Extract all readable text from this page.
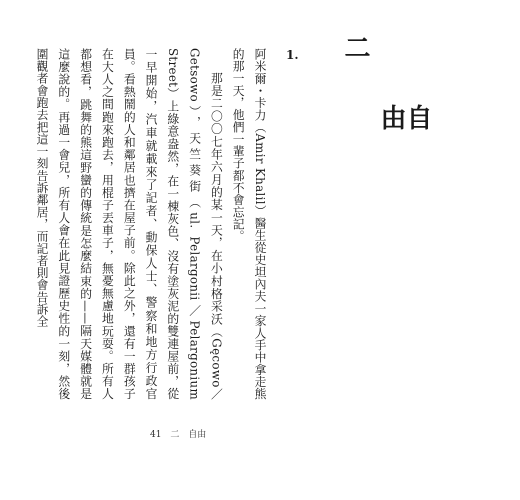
二
自由
1.

阿米爾・卡力（Amir Khalil）醫生從史坦內夫一家人手中拿走熊的那一天，他們一輩子都不會忘記。

那是二〇〇七年六月的某一天，在小村格采沃（Gęcowo／Getsowo），天竺葵街（ul. Pelargonii／Pelargonium Street）上綠意盎然，在一棟灰色、沒有塗灰泥的雙連屋前，從一早開始，汽車就載來了記者、動保人士、警察和地方行政官員。看熱鬧的人和鄰居也擠在屋子前。除此之外，還有一群孩子在大人之間跑來跑去，用棍子丟車子，無憂無慮地玩耍。所有人都想看，跳舞的熊這野蠻的傳統是怎麼結束的——隔天媒體就是這麼說的。再過一會兒，所有人會在此見證歷史性的一刻，然後圍觀者會跑去把這一刻告訴鄰居，而記者則會告訴全

41 二 自由
